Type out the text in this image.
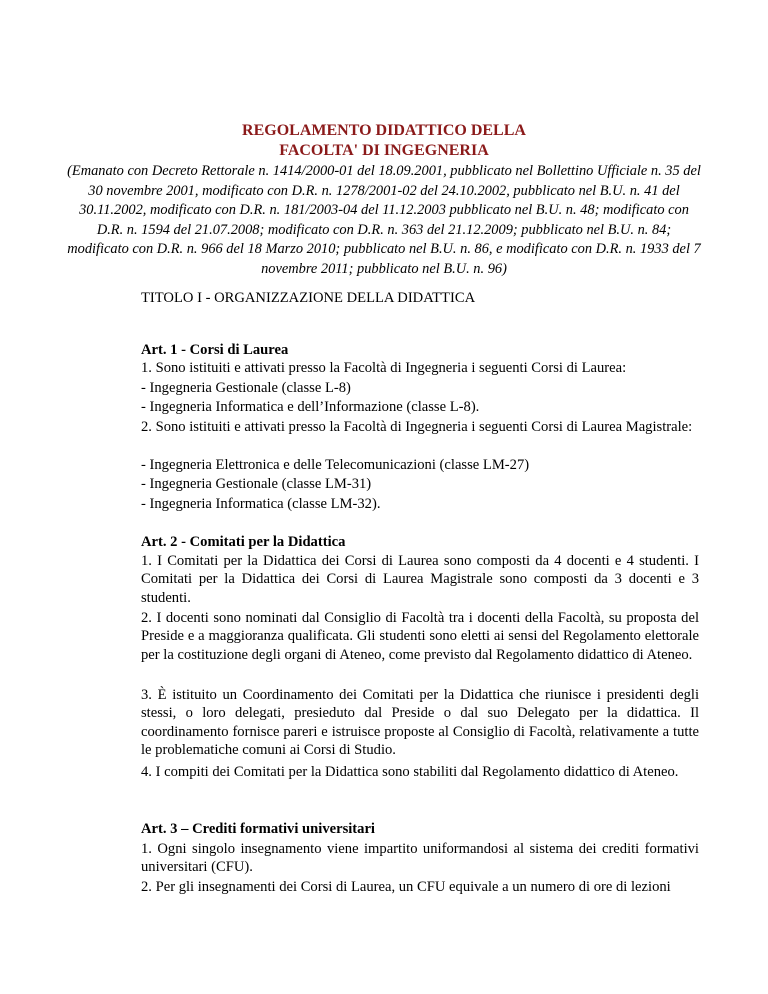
REGOLAMENTO DIDATTICO DELLA
FACOLTA' DI INGEGNERIA
(Emanato con Decreto Rettorale n. 1414/2000-01 del 18.09.2001, pubblicato nel Bollettino Ufficiale n. 35 del 30 novembre 2001, modificato con D.R. n. 1278/2001-02 del 24.10.2002, pubblicato nel B.U. n. 41 del 30.11.2002, modificato con D.R. n. 181/2003-04 del 11.12.2003 pubblicato nel B.U. n. 48; modificato con D.R. n. 1594 del 21.07.2008; modificato con D.R. n. 363 del 21.12.2009; pubblicato nel B.U. n. 84; modificato con D.R. n. 966 del 18 Marzo 2010; pubblicato nel B.U. n. 86, e modificato con D.R. n. 1933 del 7 novembre 2011; pubblicato nel B.U. n. 96)
TITOLO I - ORGANIZZAZIONE DELLA DIDATTICA
Art. 1 - Corsi di Laurea
1. Sono istituiti e attivati presso la Facoltà di Ingegneria i seguenti Corsi di Laurea:
- Ingegneria Gestionale (classe L-8)
- Ingegneria Informatica e dell’Informazione (classe L-8).
2. Sono istituiti e attivati presso la Facoltà di Ingegneria i seguenti Corsi di Laurea Magistrale:
- Ingegneria Elettronica e delle Telecomunicazioni (classe LM-27)
- Ingegneria Gestionale (classe LM-31)
- Ingegneria Informatica (classe LM-32).
Art. 2 - Comitati per la Didattica
1. I Comitati per la Didattica dei Corsi di Laurea sono composti da 4 docenti e 4 studenti. I Comitati per la Didattica dei Corsi di Laurea Magistrale sono composti da 3 docenti e 3 studenti.
2. I docenti sono nominati dal Consiglio di Facoltà tra i docenti della Facoltà, su proposta del Preside e a maggioranza qualificata. Gli studenti sono eletti ai sensi del Regolamento elettorale per la costituzione degli organi di Ateneo, come previsto dal Regolamento didattico di Ateneo.
3. È istituito un Coordinamento dei Comitati per la Didattica che riunisce i presidenti degli stessi, o loro delegati, presieduto dal Preside o dal suo Delegato per la didattica. Il coordinamento fornisce pareri e istruisce proposte al Consiglio di Facoltà, relativamente a tutte le problematiche comuni ai Corsi di Studio.
4. I compiti dei Comitati per la Didattica sono stabiliti dal Regolamento didattico di Ateneo.
Art. 3 – Crediti formativi universitari
1. Ogni singolo insegnamento viene impartito uniformandosi al sistema dei crediti formativi universitari (CFU).
2. Per gli insegnamenti dei Corsi di Laurea, un CFU equivale a un numero di ore di lezioni
